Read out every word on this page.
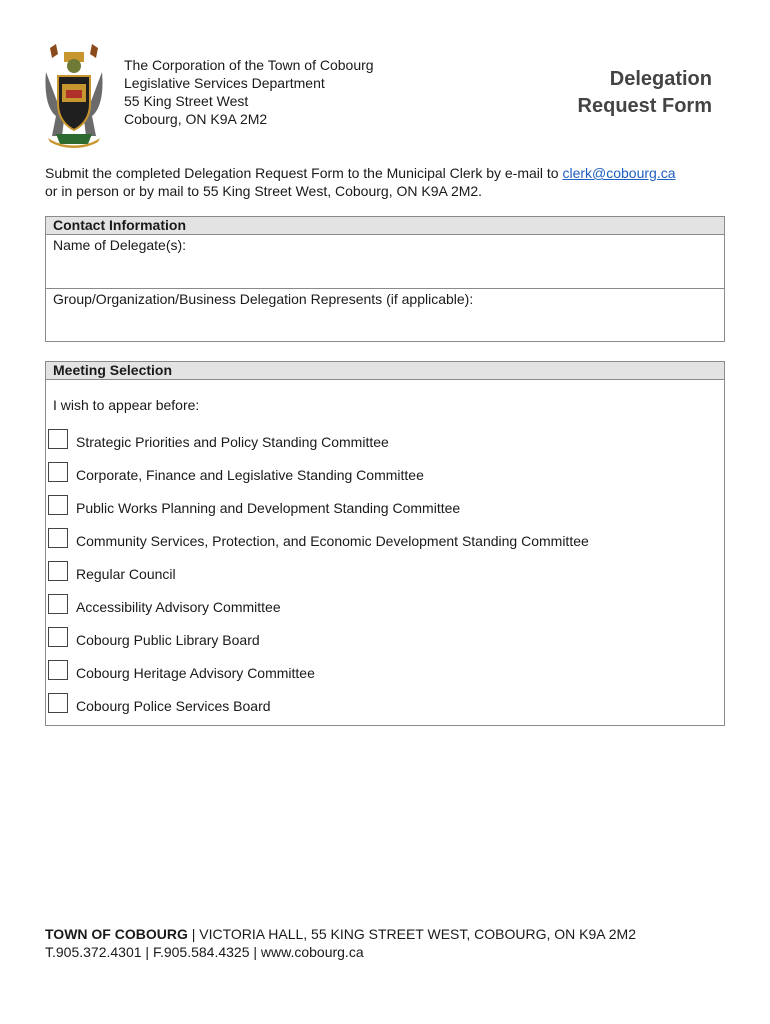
The Corporation of the Town of Cobourg
Legislative Services Department
55 King Street West
Cobourg, ON K9A 2M2
Delegation
Request Form
Submit the completed Delegation Request Form to the Municipal Clerk by e-mail to clerk@cobourg.ca
or in person or by mail to 55 King Street West, Cobourg, ON K9A 2M2.
Contact Information
Name of Delegate(s):
Group/Organization/Business Delegation Represents (if applicable):
Meeting Selection
I wish to appear before:
Strategic Priorities and Policy Standing Committee
Corporate, Finance and Legislative Standing Committee
Public Works Planning and Development Standing Committee
Community Services, Protection, and Economic Development Standing Committee
Regular Council
Accessibility Advisory Committee
Cobourg Public Library Board
Cobourg Heritage Advisory Committee
Cobourg Police Services Board
TOWN OF COBOURG | VICTORIA HALL, 55 KING STREET WEST, COBOURG, ON K9A 2M2
T.905.372.4301 | F.905.584.4325 | www.cobourg.ca
